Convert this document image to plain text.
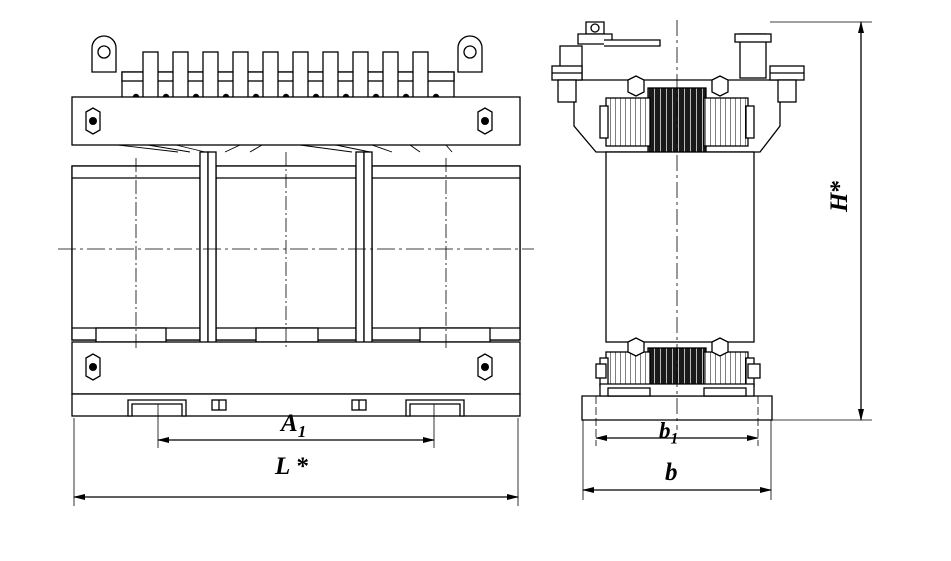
$A_1$
L *
$b_1$
b
H*
